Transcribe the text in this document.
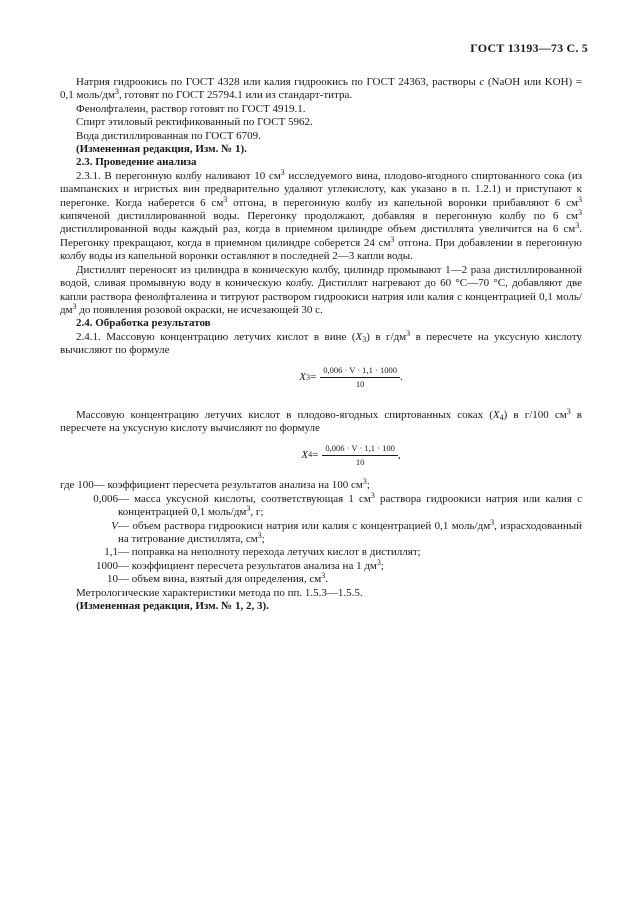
ГОСТ 13193—73 С. 5

Натрия гидроокись по ГОСТ 4328 или калия гидроокись по ГОСТ 24363, растворы c (NaOH или KOH) = 0,1 моль/$дм^3$, готовят по ГОСТ 25794.1 или из стандарт-титра.

Фенолфталеин, раствор готовят по ГОСТ 4919.1.

Спирт этиловый ректификованный по ГОСТ 5962.

Вода дистиллированная по ГОСТ 6709.

(Измененная редакция, Изм. № 1).

2.3. Проведение анализа

2.3.1. В перегонную колбу наливают 10 $см^3$ исследуемого вина, плодово-ягодного спиртованного сока (из шампанских и игристых вин предварительно удаляют углекислоту, как указано в п. 1.2.1) и приступают к перегонке. Когда наберется 6 $см^3$ отгона, в перегонную колбу из капельной воронки прибавляют 6 $см^3$ кипяченой дистиллированной воды. Перегонку продолжают, добавляя в перегонную колбу по 6 $см^3$ дистиллированной воды каждый раз, когда в приемном цилиндре объем дистиллята увеличится на 6 $см^3$. Перегонку прекращают, когда в приемном цилиндре соберется 24 $см^3$ отгона. При добавлении в перегонную колбу воды из капельной воронки оставляют в последней 2—3 капли воды.

Дистиллят переносят из цилиндра в коническую колбу, цилиндр промывают 1—2 раза дистиллированной водой, сливая промывную воду в коническую колбу. Дистиллят нагревают до 60 °С—70 °С, добавляют две капли раствора фенолфталеина и титруют раствором гидроокиси натрия или калия с концентрацией 0,1 моль/$дм^3$ до появления розовой окраски, не исчезающей 30 с.

2.4. Обработка результатов

2.4.1. Массовую концентрацию летучих кислот в вине $(X_3)$ в $г/дм^3$ в пересчете на уксусную кислоту вычисляют по формуле

X $3 = \frac{0,006 \cdot V \cdot 1,1 \cdot 1000}{10}$ .

Массовую концентрацию летучих кислот в плодово-ягодных спиртованных соках $(X_4)$ в г/100 $см^3$ в пересчете на уксусную кислоту вычисляют по формуле

X $4 = \frac{0,006 \cdot V \cdot 1,1 \cdot 100}{10}$ ,
где 100 — коэффициент пересчета результатов анализа на 100 $см^3$;
0,006 — масса уксусной кислоты, соответствующая 1 $см^3$ раствора гидроокиси натрия или калия с концентрацией 0,1 моль/$дм^3$, г;
V — объем раствора гидроокиси натрия или калия с концентрацией 0,1 моль/$дм^3$, израсходованный на титрование дистиллята, $см^3$;
1,1 — поправка на неполноту перехода летучих кислот в дистиллят;
1000 — коэффициент пересчета результатов анализа на 1 $дм^3$;
10 — объем вина, взятый для определения, $см^3$.

Метрологические характеристики метода по пп. 1.5.3—1.5.5.

(Измененная редакция, Изм. № 1, 2, 3).
